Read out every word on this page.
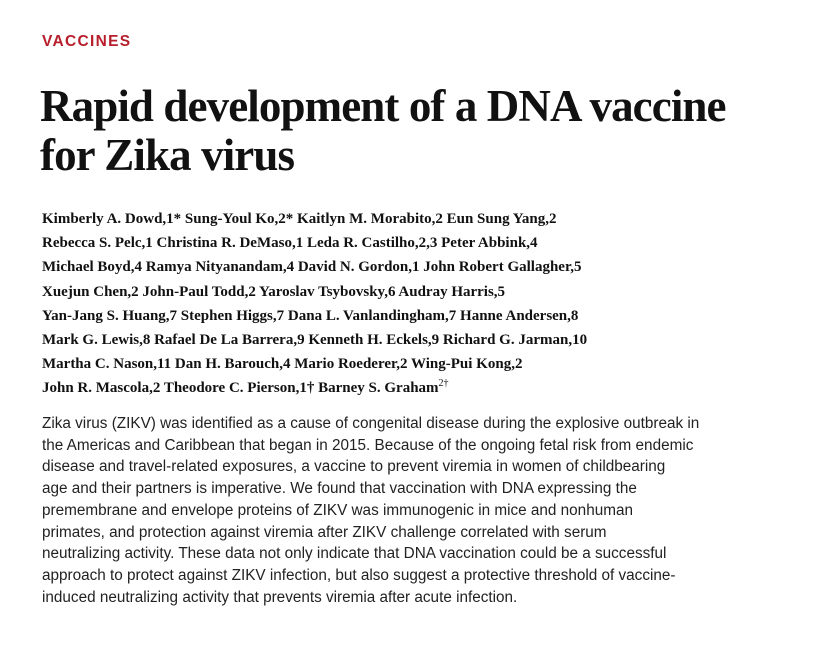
VACCINES
Rapid development of a DNA vaccine
for Zika virus
Kimberly A. Dowd,1* Sung-Youl Ko,2* Kaitlyn M. Morabito,2 Eun Sung Yang,2
Rebecca S. Pelc,1 Christina R. DeMaso,1 Leda R. Castilho,2,3 Peter Abbink,4
Michael Boyd,4 Ramya Nityanandam,4 David N. Gordon,1 John Robert Gallagher,5
Xuejun Chen,2 John-Paul Todd,2 Yaroslav Tsybovsky,6 Audray Harris,5
Yan-Jang S. Huang,7 Stephen Higgs,7 Dana L. Vanlandingham,7 Hanne Andersen,8
Mark G. Lewis,8 Rafael De La Barrera,9 Kenneth H. Eckels,9 Richard G. Jarman,10
Martha C. Nason,11 Dan H. Barouch,4 Mario Roederer,2 Wing-Pui Kong,2
John R. Mascola,2 Theodore C. Pierson,1† Barney S. Graham$^{2\dagger}$
Zika virus (ZIKV) was identified as a cause of congenital disease during the explosive outbreak in
the Americas and Caribbean that began in 2015. Because of the ongoing fetal risk from endemic
disease and travel-related exposures, a vaccine to prevent viremia in women of childbearing
age and their partners is imperative. We found that vaccination with DNA expressing the
premembrane and envelope proteins of ZIKV was immunogenic in mice and nonhuman
primates, and protection against viremia after ZIKV challenge correlated with serum
neutralizing activity. These data not only indicate that DNA vaccination could be a successful
approach to protect against ZIKV infection, but also suggest a protective threshold of vaccine-
induced neutralizing activity that prevents viremia after acute infection.
